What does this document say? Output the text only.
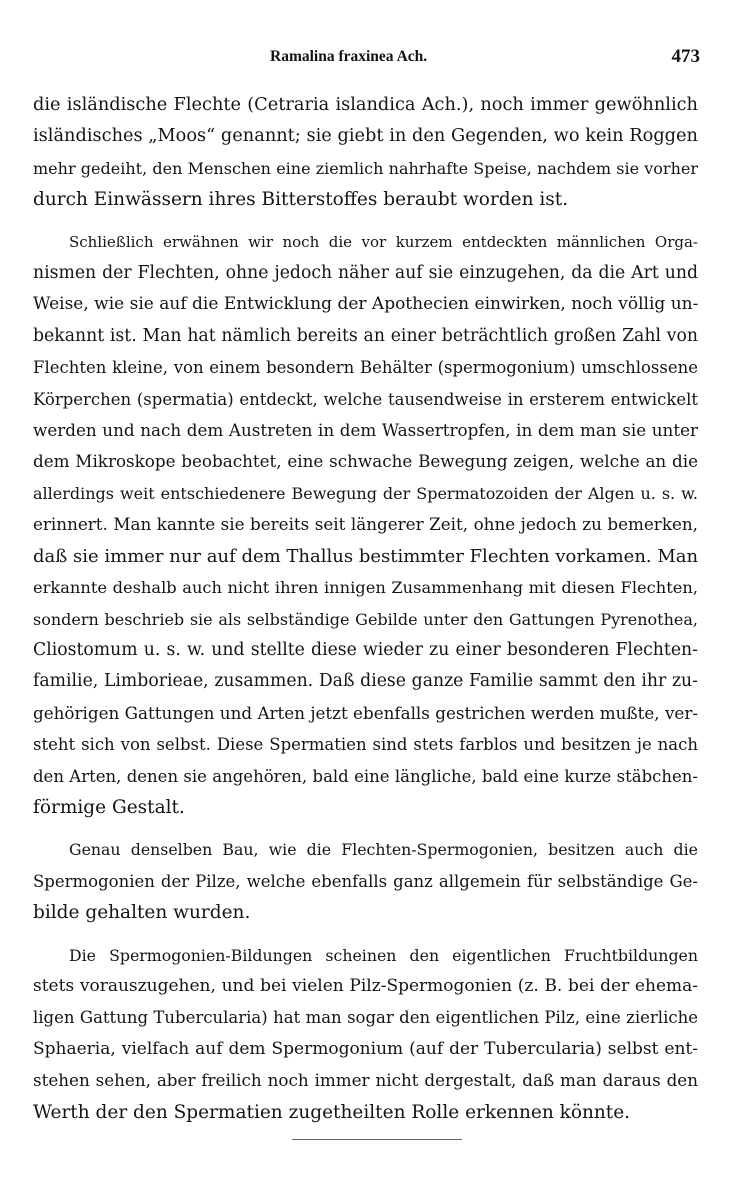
Ramalina fraxinea Ach.	473

die isländische Flechte (Cetraria islandica Ach.), noch immer gewöhnlich
isländisches „Moos“ genannt; sie giebt in den Gegenden, wo kein Roggen
mehr gedeiht, den Menschen eine ziemlich nahrhafte Speise, nachdem sie vorher
durch Einwässern ihres Bitterstoffes beraubt worden ist.

Schließlich erwähnen wir noch die vor kurzem entdeckten männlichen Orga-
nismen der Flechten, ohne jedoch näher auf sie einzugehen, da die Art und
Weise, wie sie auf die Entwicklung der Apothecien einwirken, noch völlig un-
bekannt ist. Man hat nämlich bereits an einer beträchtlich großen Zahl von
Flechten kleine, von einem besondern Behälter (spermogonium) umschlossene
Körperchen (spermatia) entdeckt, welche tausendweise in ersterem entwickelt
werden und nach dem Austreten in dem Wassertropfen, in dem man sie unter
dem Mikroskope beobachtet, eine schwache Bewegung zeigen, welche an die
allerdings weit entschiedenere Bewegung der Spermatozoiden der Algen u. s. w.
erinnert. Man kannte sie bereits seit längerer Zeit, ohne jedoch zu bemerken,
daß sie immer nur auf dem Thallus bestimmter Flechten vorkamen. Man
erkannte deshalb auch nicht ihren innigen Zusammenhang mit diesen Flechten,
sondern beschrieb sie als selbständige Gebilde unter den Gattungen Pyrenothea,
Cliostomum u. s. w. und stellte diese wieder zu einer besonderen Flechten-
familie, Limborieae, zusammen. Daß diese ganze Familie sammt den ihr zu-
gehörigen Gattungen und Arten jetzt ebenfalls gestrichen werden mußte, ver-
steht sich von selbst. Diese Spermatien sind stets farblos und besitzen je nach
den Arten, denen sie angehören, bald eine längliche, bald eine kurze stäbchen-
förmige Gestalt.

Genau denselben Bau, wie die Flechten-Spermogonien, besitzen auch die
Spermogonien der Pilze, welche ebenfalls ganz allgemein für selbständige Ge-
bilde gehalten wurden.

Die Spermogonien-Bildungen scheinen den eigentlichen Fruchtbildungen
stets vorauszugehen, und bei vielen Pilz-Spermogonien (z. B. bei der ehema-
ligen Gattung Tubercularia) hat man sogar den eigentlichen Pilz, eine zierliche
Sphaeria, vielfach auf dem Spermogonium (auf der Tubercularia) selbst ent-
stehen sehen, aber freilich noch immer nicht dergestalt, daß man daraus den
Werth der den Spermatien zugetheilten Rolle erkennen könnte.
